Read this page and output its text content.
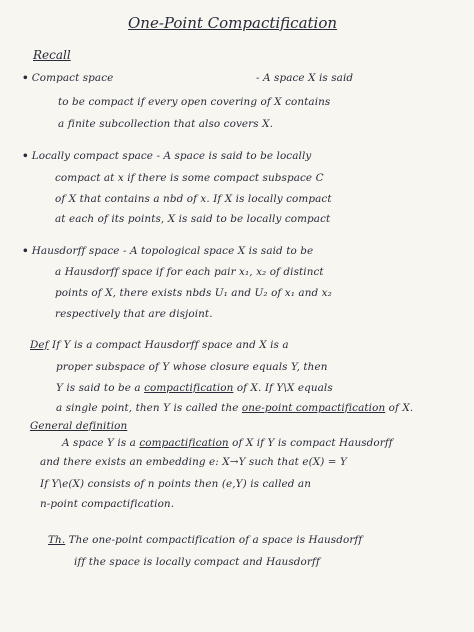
One-Point Compactification
Recall
• Compact space	- A space X is said
to be compact if every open covering of X contains
a finite subcollection that also covers X.
• Locally compact space - A space is said to be locally
compact at x if there is some compact subspace C
of X that contains a nbd of x. If X is locally compact
at each of its points, X is said to be locally compact
• Hausdorff space - A topological space X is said to be
a Hausdorff space if for each pair x₁, x₂ of distinct
points of X, there exists nbds U₁ and U₂ of x₁ and x₂
respectively that are disjoint.
Def If Y is a compact Hausdorff space and X is a
proper subspace of Y whose closure equals Y, then
Y is said to be a compactification of X. If Y\X equals
a single point, then Y is called the one-point compactification of X.
General definition
A space Y is a compactification of X if Y is compact Hausdorff
and there exists an embedding e: X→Y such that e(X) = Y
If Y\e(X) consists of n points then (e,Y) is called an
n-point compactification.
Th. The one-point compactification of a space is Hausdorff
iff the space is locally compact and Hausdorff
